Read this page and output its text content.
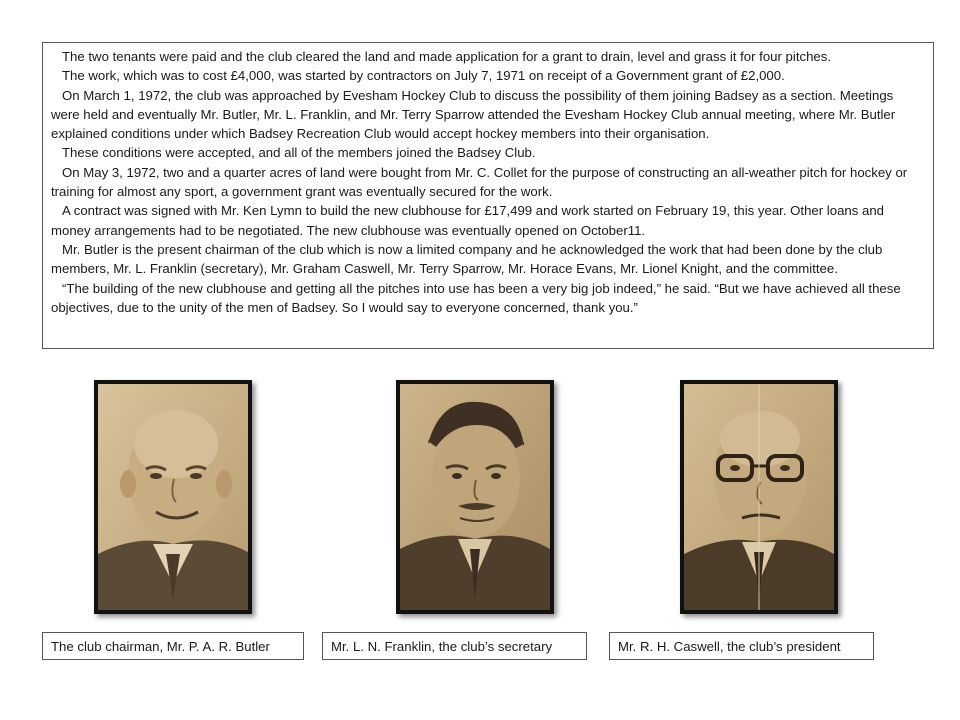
The two tenants were paid and the club cleared the land and made application for a grant to drain, level and grass it for four pitches.

The work, which was to cost £4,000, was started by contractors on July 7, 1971 on receipt of a Government grant of £2,000.

On March 1, 1972, the club was approached by Evesham Hockey Club to discuss the possibility of them joining Badsey as a section. Meetings were held and eventually Mr. Butler, Mr. L. Franklin, and Mr. Terry Sparrow attended the Evesham Hockey Club annual meeting, where Mr. Butler explained conditions under which Badsey Recreation Club would accept hockey members into their organisation.

These conditions were accepted, and all of the members joined the Badsey Club.

On May 3, 1972, two and a quarter acres of land were bought from Mr. C. Collet for the purpose of constructing an all-weather pitch for hockey or training for almost any sport, a government grant was eventually secured for the work.

A contract was signed with Mr. Ken Lymn to build the new clubhouse for £17,499 and work started on February 19, this year. Other loans and money arrangements had to be negotiated. The new clubhouse was eventually opened on October11.

Mr. Butler is the present chairman of the club which is now a limited company and he acknowledged the work that had been done by the club members, Mr. L. Franklin (secretary), Mr. Graham Caswell, Mr. Terry Sparrow, Mr. Horace Evans, Mr. Lionel Knight, and the committee.

“The building of the new clubhouse and getting all the pitches into use has been a very big job indeed,” he said. “But we have achieved all these objectives, due to the unity of the men of Badsey. So I would say to everyone concerned, thank you.”

The club chairman, Mr. P. A. R. Butler	Mr. L. N. Franklin, the club’s secretary	Mr. R. H. Caswell, the club’s president
